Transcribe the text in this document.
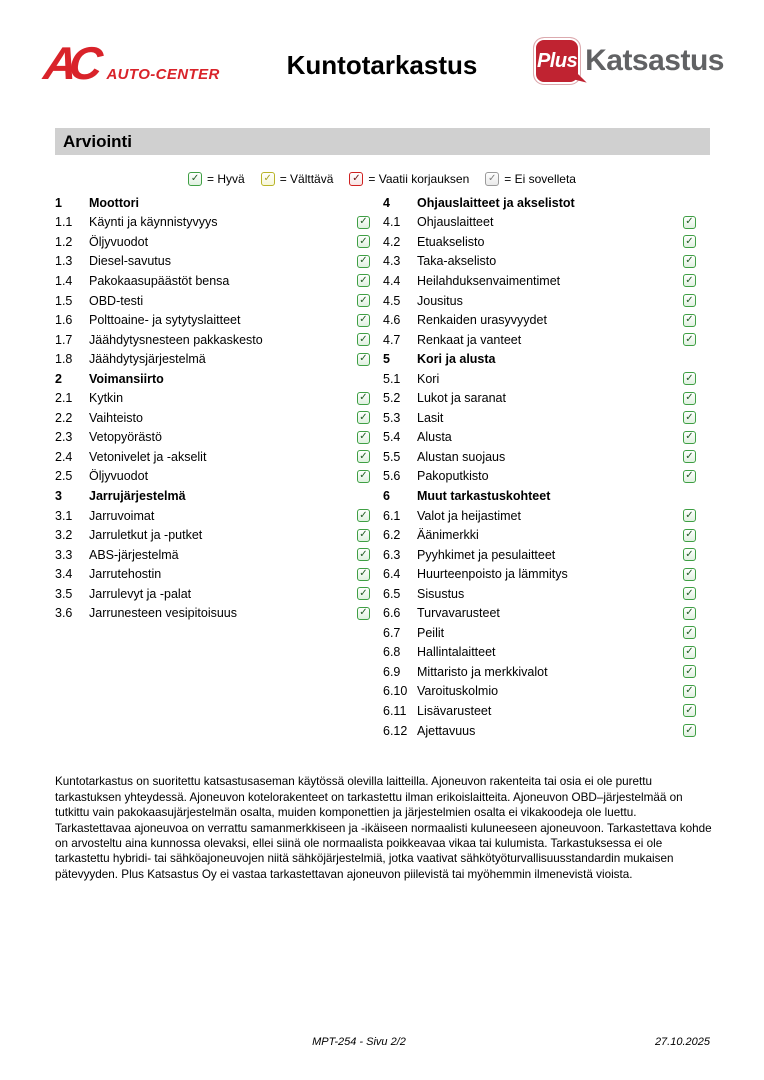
AC AUTO-CENTER	Kuntotarkastus	Plus Katsastus
Arviointi
✓ = Hyvä ✓ = Välttävä ✓ = Vaatii korjauksen ✓ = Ei sovelleta
1	Moottori
1.1	Käynti ja käynnistyvyys	✓
1.2	Öljyvuodot	✓
1.3	Diesel-savutus	✓
1.4	Pakokaasupäästöt bensa	✓
1.5	OBD-testi	✓
1.6	Polttoaine- ja sytytyslaitteet	✓
1.7	Jäähdytysnesteen pakkaskesto	✓
1.8	Jäähdytysjärjestelmä	✓
2	Voimansiirto
2.1	Kytkin	✓
2.2	Vaihteisto	✓
2.3	Vetopyörästö	✓
2.4	Vetonivelet ja -akselit	✓
2.5	Öljyvuodot	✓
3	Jarrujärjestelmä
3.1	Jarruvoimat	✓
3.2	Jarruletkut ja -putket	✓
3.3	ABS-järjestelmä	✓
3.4	Jarrutehostin	✓
3.5	Jarrulevyt ja -palat	✓
3.6	Jarrunesteen vesipitoisuus	✓
4	Ohjauslaitteet ja akselistot
4.1	Ohjauslaitteet	✓
4.2	Etuakselisto	✓
4.3	Taka-akselisto	✓
4.4	Heilahduksenvaimentimet	✓
4.5	Jousitus	✓
4.6	Renkaiden urasyvyydet	✓
4.7	Renkaat ja vanteet	✓
5	Kori ja alusta
5.1	Kori	✓
5.2	Lukot ja saranat	✓
5.3	Lasit	✓
5.4	Alusta	✓
5.5	Alustan suojaus	✓
5.6	Pakoputkisto	✓
6	Muut tarkastuskohteet
6.1	Valot ja heijastimet	✓
6.2	Äänimerkki	✓
6.3	Pyyhkimet ja pesulaitteet	✓
6.4	Huurteenpoisto ja lämmitys	✓
6.5	Sisustus	✓
6.6	Turvavarusteet	✓
6.7	Peilit	✓
6.8	Hallintalaitteet	✓
6.9	Mittaristo ja merkkivalot	✓
6.10 Varoituskolmio	✓
6.11 Lisävarusteet	✓
6.12 Ajettavuus	✓
Kuntotarkastus on suoritettu katsastusaseman käytössä olevilla laitteilla. Ajoneuvon rakenteita tai osia ei ole purettu tarkastuksen yhteydessä. Ajoneuvon kotelorakenteet on tarkastettu ilman erikoislaitteita. Ajoneuvon OBD–järjestelmää on tutkittu vain pakokaasujärjestelmän osalta, muiden komponettien ja järjestelmien osalta ei vikakoodeja ole luettu. Tarkastettavaa ajoneuvoa on verrattu samanmerkkiseen ja -ikäiseen normaalisti kuluneeseen ajoneuvoon. Tarkastettava kohde on arvosteltu aina kunnossa olevaksi, ellei siinä ole normaalista poikkeavaa vikaa tai kulumista. Tarkastuksessa ei ole tarkastettu hybridi- tai sähköajoneuvojen niitä sähköjärjestelmiä, jotka vaativat sähkötyöturvallisuusstandardin mukaisen pätevyyden. Plus Katsastus Oy ei vastaa tarkastettavan ajoneuvon piilevistä tai myöhemmin ilmenevistä vioista.
MPT-254 - Sivu 2/2	27.10.2025
